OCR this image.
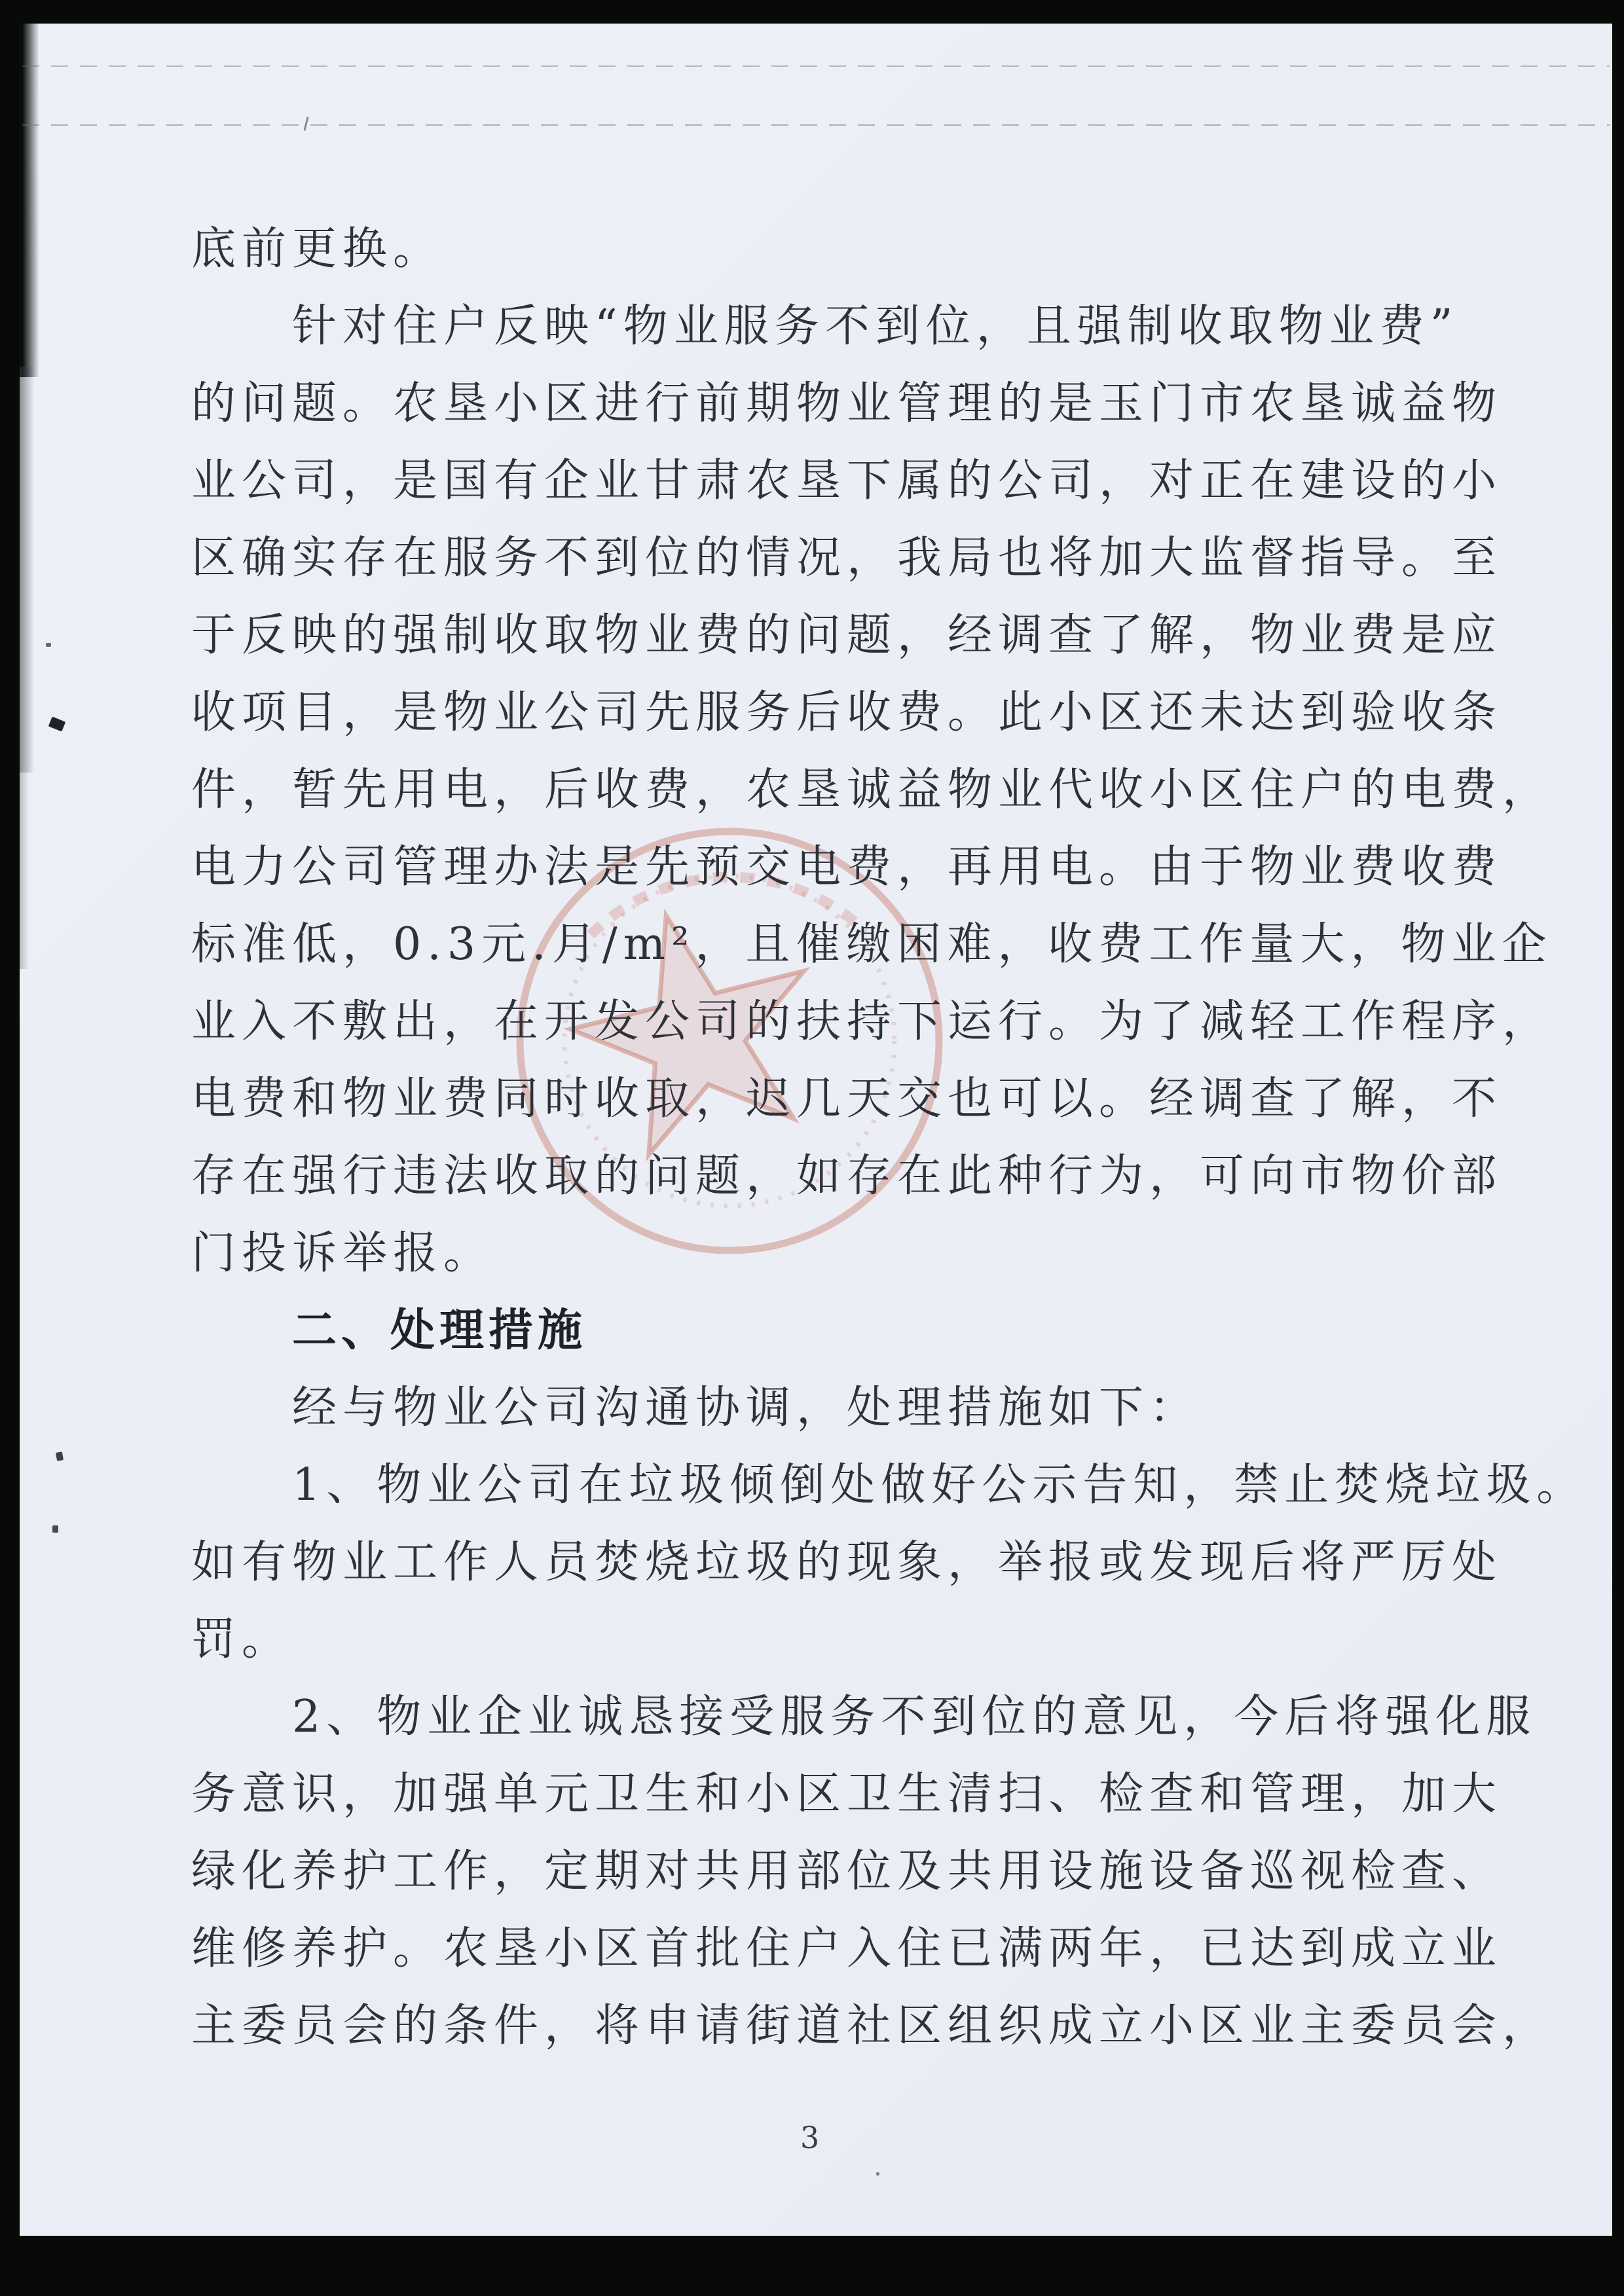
底前更换。
针对住户反映“物业服务不到位，且强制收取物业费”
的问题。农垦小区进行前期物业管理的是玉门市农垦诚益物
业公司，是国有企业甘肃农垦下属的公司，对正在建设的小
区确实存在服务不到位的情况，我局也将加大监督指导。至
于反映的强制收取物业费的问题，经调查了解，物业费是应
收项目，是物业公司先服务后收费。此小区还未达到验收条
件，暂先用电，后收费，农垦诚益物业代收小区住户的电费，
电力公司管理办法是先预交电费，再用电。由于物业费收费
标准低，0.3元.月/m²，且催缴困难，收费工作量大，物业企
业入不敷出，在开发公司的扶持下运行。为了减轻工作程序，
电费和物业费同时收取，迟几天交也可以。经调查了解，不
存在强行违法收取的问题，如存在此种行为，可向市物价部
门投诉举报。
二、处理措施
经与物业公司沟通协调，处理措施如下：
1、物业公司在垃圾倾倒处做好公示告知，禁止焚烧垃圾。
如有物业工作人员焚烧垃圾的现象，举报或发现后将严厉处
罚。
2、物业企业诚恳接受服务不到位的意见，今后将强化服
务意识，加强单元卫生和小区卫生清扫、检查和管理，加大
绿化养护工作，定期对共用部位及共用设施设备巡视检查、
维修养护。农垦小区首批住户入住已满两年，已达到成立业
主委员会的条件，将申请街道社区组织成立小区业主委员会，
3
